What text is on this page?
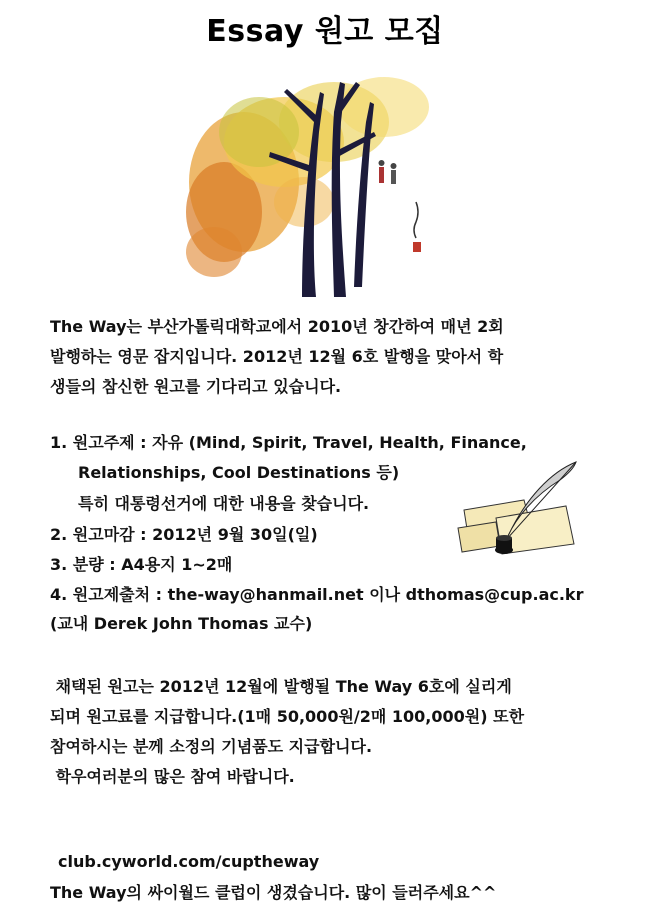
Essay 원고 모집
The Way는 부산가톨릭대학교에서 2010년 창간하여 매년 2회
발행하는 영문 잡지입니다. 2012년 12월 6호 발행을 맞아서 학
생들의 참신한 원고를 기다리고 있습니다.
1. 원고주제 : 자유 (Mind, Spirit, Travel, Health, Finance,
Relationships, Cool Destinations 등)
특히 대통령선거에 대한 내용을 찾습니다.
2. 원고마감 : 2012년 9월 30일(일)
3. 분량 : A4용지 1~2매
4. 원고제출처 : the-way@hanmail.net 이나 dthomas@cup.ac.kr
(교내 Derek John Thomas 교수)
채택된 원고는 2012년 12월에 발행될 The Way 6호에 실리게
되며 원고료를 지급합니다.(1매 50,000원/2매 100,000원) 또한
참여하시는 분께 소정의 기념품도 지급합니다.
학우여러분의 많은 참여 바랍니다.
club.cyworld.com/cuptheway
The Way의 싸이월드 클럽이 생겼습니다. 많이 들러주세요^^
